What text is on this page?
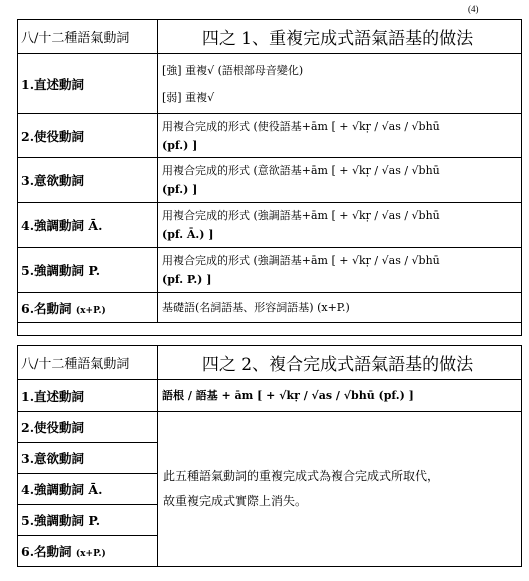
(4)
八/十二種語氣動詞	四之 1、重複完成式語氣語基的做法
1.直述動詞	[強] 重複√ (語根部母音變化)
[弱] 重複√

2.使役動詞	用複合完成的形式 (使役語基+ām [ + √kṛ / √as / √bhū
(pf.) ]

3.意欲動詞	用複合完成的形式 (意欲語基+ām [ + √kṛ / √as / √bhū
(pf.) ]

4.強調動詞 Ā.	用複合完成的形式 (強調語基+ām [ + √kṛ / √as / √bhū
(pf. Ā.) ]

5.強調動詞 P.	用複合完成的形式 (強調語基+ām [ + √kṛ / √as / √bhū
(pf. P.) ]

6.名動詞 (x+P.)	基礎語(名詞語基、形容詞語基) (x+P.)

八/十二種語氣動詞	四之 2、複合完成式語氣語基的做法
1.直述動詞	語根 / 語基 + ām [ + √kṛ / √as / √bhū (pf.) ]

2.使役動詞	此五種語氣動詞的重複完成式為複合完成式所取代，
故重複完成式實際上消失。

3.意欲動詞	
4.強調動詞 Ā.	
5.強調動詞 P.	
6.名動詞 (x+P.)	
